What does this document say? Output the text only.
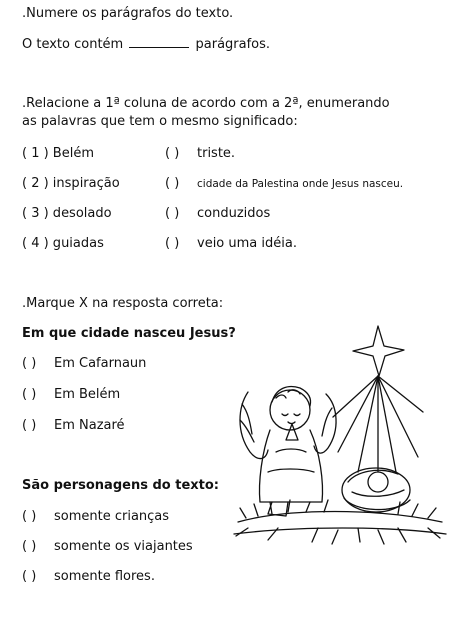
.Numere os parágrafos do texto.
O texto contém	parágrafos.
.Relacione a 1ª coluna de acordo com a 2ª, enumerando
as palavras que tem o mesmo significado:
( 1 ) Belém	( ) triste.
( 2 ) inspiração	( ) cidade da Palestina onde Jesus nasceu.
( 3 ) desolado	( ) conduzidos
( 4 ) guiadas	( ) veio uma idéia.
.Marque X na resposta correta:
Em que cidade nasceu Jesus?
( ) Em Cafarnaun
( ) Em Belém
( ) Em Nazaré
São personagens do texto:
( ) somente crianças
( ) somente os viajantes
( ) somente flores.
